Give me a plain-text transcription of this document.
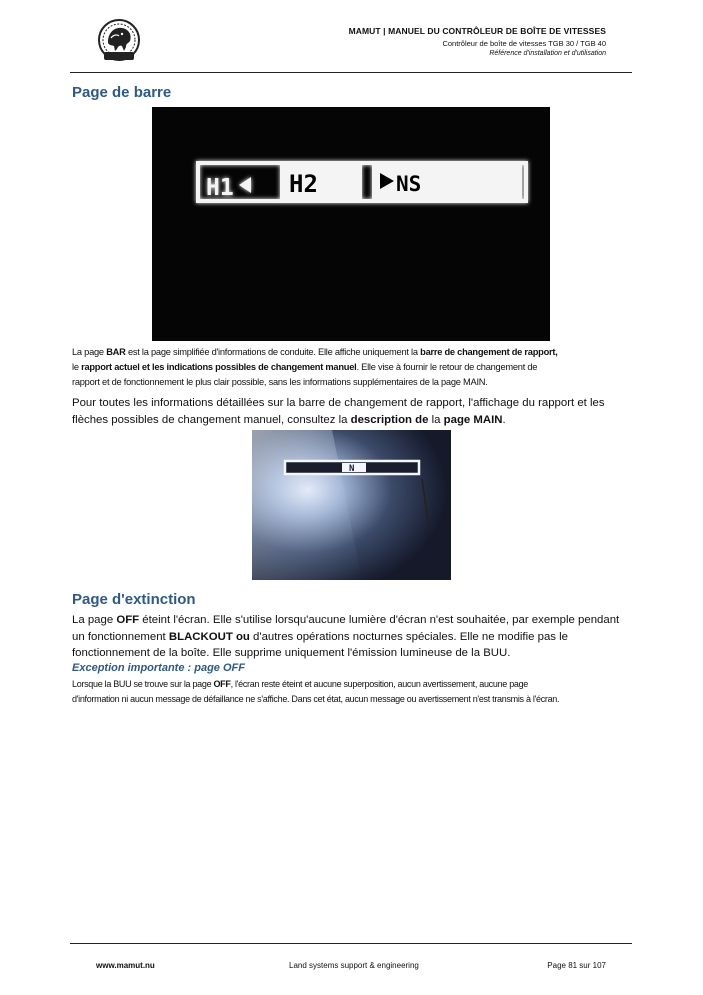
MAMUT | MANUEL DU CONTRÔLEUR DE BOÎTE DE VITESSES
Contrôleur de boîte de vitesses TGB 30 / TGB 40
Référence d'installation et d'utilisation
Page de barre
H1 H2	NS
La page BAR est la page simplifiée d'informations de conduite. Elle affiche uniquement la barre de changement de rapport,
le rapport actuel et les indications possibles de changement manuel. Elle vise à fournir le retour de changement de
rapport et de fonctionnement le plus clair possible, sans les informations supplémentaires de la page MAIN.
Pour toutes les informations détaillées sur la barre de changement de rapport, l'affichage du rapport et les flèches possibles de changement manuel, consultez la description de la page MAIN.
N
Page d'extinction
La page OFF éteint l'écran. Elle s'utilise lorsqu'aucune lumière d'écran n'est souhaitée, par exemple pendant un fonctionnement BLACKOUT ou d'autres opérations nocturnes spéciales. Elle ne modifie pas le fonctionnement de la boîte. Elle supprime uniquement l'émission lumineuse de la BUU.
Exception importante : page OFF
Lorsque la BUU se trouve sur la page OFF, l'écran reste éteint et aucune superposition, aucun avertissement, aucune page
d'information ni aucun message de défaillance ne s'affiche. Dans cet état, aucun message ou avertissement n'est transmis à l'écran.
www.mamut.nu	Land systems support & engineering	Page 81 sur 107
